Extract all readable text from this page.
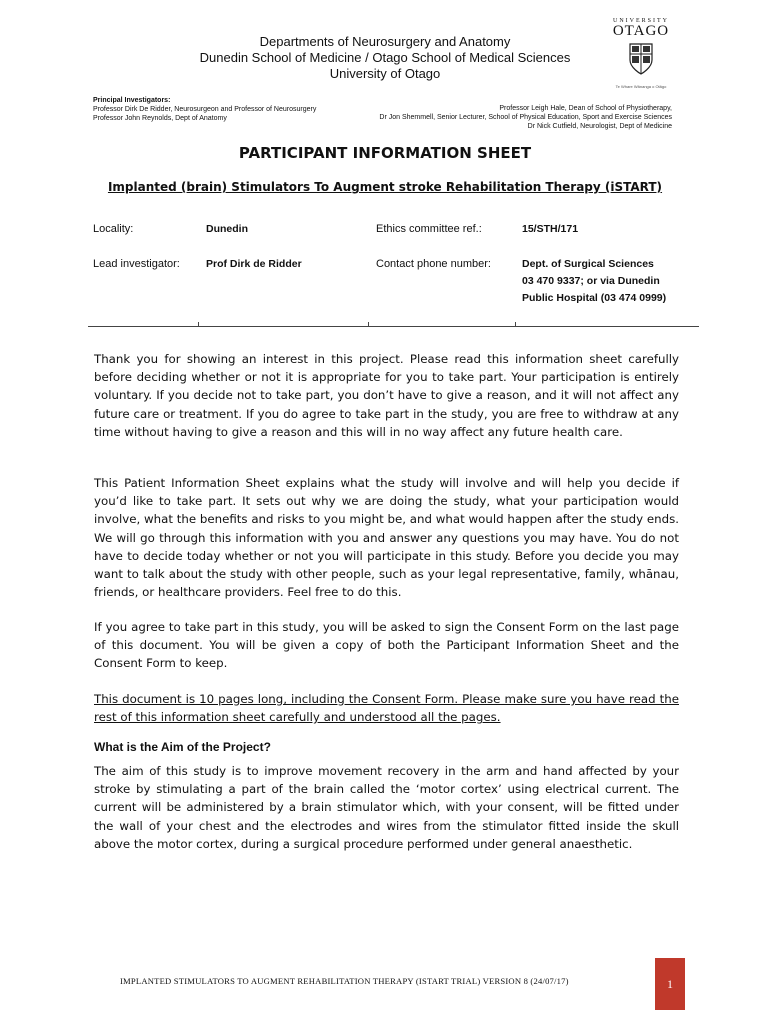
Departments of Neurosurgery and Anatomy
Dunedin School of Medicine / Otago School of Medical Sciences
University of Otago
UNIVERSITY
OTAGO
Te Whare Wānanga o Otāgo
Principal Investigators:
Professor Dirk De Ridder, Neurosurgeon and Professor of Neurosurgery
Professor John Reynolds, Dept of Anatomy
Professor Leigh Hale, Dean of School of Physiotherapy,
Dr Jon Shemmell, Senior Lecturer, School of Physical Education, Sport and Exercise Sciences
Dr Nick Cutfield, Neurologist, Dept of Medicine
PARTICIPANT INFORMATION SHEET
Implanted (brain) Stimulators To Augment stroke Rehabilitation Therapy (iSTART)
Locality:	Dunedin	Ethics committee ref.:	15/STH/171
Lead investigator: Prof Dirk de Ridder	Contact phone number:	Dept. of Surgical Sciences
03 470 9337; or via Dunedin
Public Hospital (03 474 0999)
Thank you for showing an interest in this project. Please read this information sheet carefully before deciding whether or not it is appropriate for you to take part. Your participation is entirely voluntary. If you decide not to take part, you don’t have to give a reason, and it will not affect any future care or treatment. If you do agree to take part in the study, you are free to withdraw at any time without having to give a reason and this will in no way affect any future health care.
This Patient Information Sheet explains what the study will involve and will help you decide if you’d like to take part. It sets out why we are doing the study, what your participation would involve, what the benefits and risks to you might be, and what would happen after the study ends. We will go through this information with you and answer any questions you may have. You do not have to decide today whether or not you will participate in this study. Before you decide you may want to talk about the study with other people, such as your legal representative, family, whānau, friends, or healthcare providers. Feel free to do this.
If you agree to take part in this study, you will be asked to sign the Consent Form on the last page of this document. You will be given a copy of both the Participant Information Sheet and the Consent Form to keep.
This document is 10 pages long, including the Consent Form. Please make sure you have read the rest of this information sheet carefully and understood all the pages.
What is the Aim of the Project?
The aim of this study is to improve movement recovery in the arm and hand affected by your stroke by stimulating a part of the brain called the ‘motor cortex’ using electrical current. The current will be administered by a brain stimulator which, with your consent, will be fitted under the wall of your chest and the electrodes and wires from the stimulator fitted inside the skull above the motor cortex, during a surgical procedure performed under general anaesthetic.
IMPLANTED STIMULATORS TO AUGMENT REHABILITATION THERAPY (ISTART TRIAL) VERSION 8 (24/07/17)	1
